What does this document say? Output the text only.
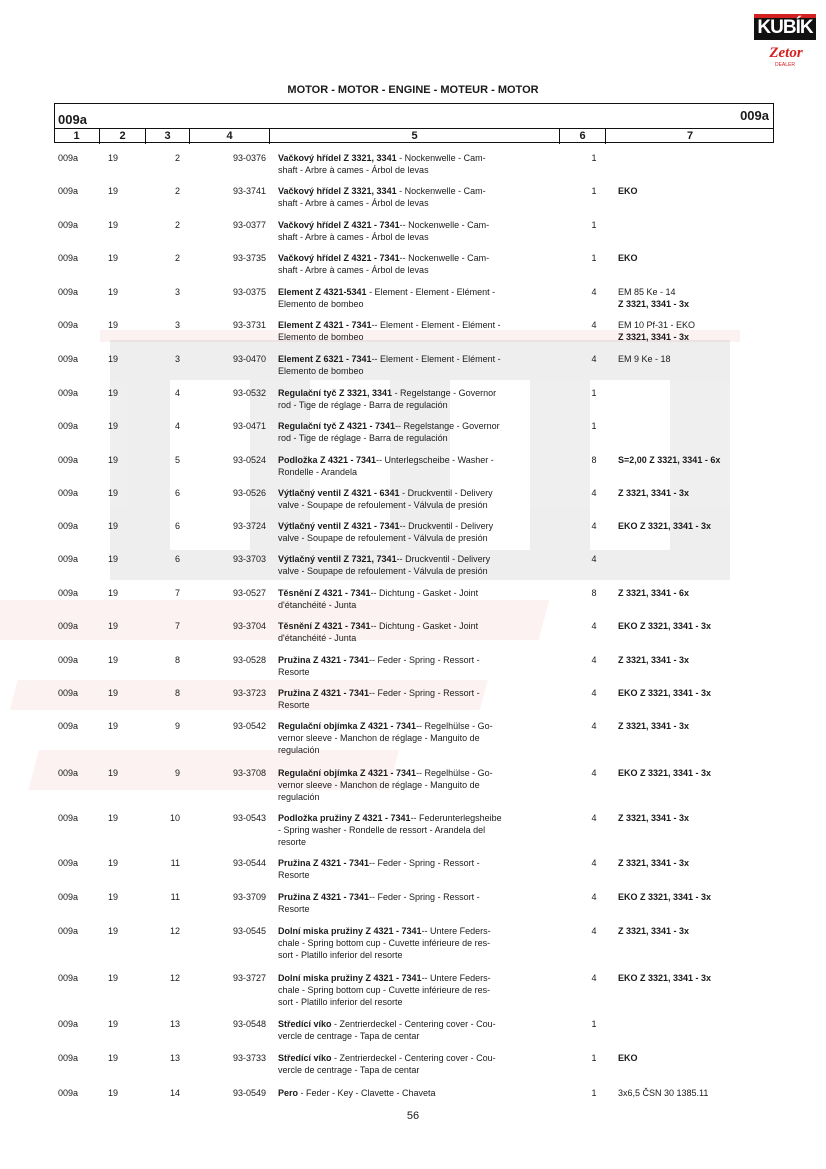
KUBÍK
Zetor
DEALER
MOTOR - MOTOR - ENGINE - MOTEUR - MOTOR
009a	009a
1	2	3	4	5	6	7
009a	19	2	93-0376 Vačkový hřídel Z 3321, 3341 - Nockenwelle - Cam-
shaft - Arbre à cames - Árbol de levas
1
009a	19	2	93-3741 Vačkový hřídel Z 3321, 3341 - Nockenwelle - Cam-
shaft - Arbre à cames - Árbol de levas
1	EKO
009a	19	2	93-0377 Vačkový hřídel Z 4321 - 7341-- Nockenwelle - Cam-
shaft - Arbre à cames - Árbol de levas
1
009a	19	2	93-3735 Vačkový hřídel Z 4321 - 7341-- Nockenwelle - Cam-
shaft - Arbre à cames - Árbol de levas
1	EKO
009a	19	3	93-0375 Element Z 4321-5341 - Element - Element - Elément -
Elemento de bombeo
4	EM 85 Ke - 14
Z 3321, 3341 - 3x
009a	19	3	93-3731 Element Z 4321 - 7341-- Element - Element - Elément -
Elemento de bombeo
4	EM 10 Pf-31 - EKO
Z 3321, 3341 - 3x
009a	19	3	93-0470 Element Z 6321 - 7341-- Element - Element - Elément -
Elemento de bombeo
4	EM 9 Ke - 18
009a	19	4	93-0532 Regulační tyč Z 3321, 3341 - Regelstange - Governor
rod - Tige de réglage - Barra de regulación
1
009a	19	4	93-0471 Regulační tyč Z 4321 - 7341-- Regelstange - Governor
rod - Tige de réglage - Barra de regulación
1
009a	19	5	93-0524 Podložka Z 4321 - 7341-- Unterlegscheibe - Washer -
Rondelle - Arandela
8	S=2,00 Z 3321, 3341 - 6x
009a	19	6	93-0526 Výtlačný ventil Z 4321 - 6341 - Druckventil - Delivery
valve - Soupape de refoulement - Válvula de presión
4	Z 3321, 3341 - 3x
009a	19	6	93-3724 Výtlačný ventil Z 4321 - 7341-- Druckventil - Delivery
valve - Soupape de refoulement - Válvula de presión
4	EKO Z 3321, 3341 - 3x
009a	19	6	93-3703 Výtlačný ventil Z 7321, 7341-- Druckventil - Delivery
valve - Soupape de refoulement - Válvula de presión
4
009a	19	7	93-0527 Těsnění Z 4321 - 7341-- Dichtung - Gasket - Joint
d'étanchéité - Junta
8	Z 3321, 3341 - 6x
009a	19	7	93-3704 Těsnění Z 4321 - 7341-- Dichtung - Gasket - Joint
d'étanchéité - Junta
4	EKO Z 3321, 3341 - 3x
009a	19	8	93-0528 Pružina Z 4321 - 7341-- Feder - Spring - Ressort -
Resorte
4	Z 3321, 3341 - 3x
009a	19	8	93-3723 Pružina Z 4321 - 7341-- Feder - Spring - Ressort -
Resorte
4	EKO Z 3321, 3341 - 3x
009a	19	9	93-0542 Regulační objímka Z 4321 - 7341-- Regelhülse - Go-
vernor sleeve - Manchon de réglage - Manguito de
regulación
4	Z 3321, 3341 - 3x
009a	19	9	93-3708 Regulační objímka Z 4321 - 7341-- Regelhülse - Go-
vernor sleeve - Manchon de réglage - Manguito de
regulación
4	EKO Z 3321, 3341 - 3x
009a	19	10	93-0543 Podložka pružiny Z 4321 - 7341-- Federunterlegsheibe
- Spring washer - Rondelle de ressort - Arandela del
resorte
4	Z 3321, 3341 - 3x
009a	19	11	93-0544 Pružina Z 4321 - 7341-- Feder - Spring - Ressort -
Resorte
4	Z 3321, 3341 - 3x
009a	19	11	93-3709 Pružina Z 4321 - 7341-- Feder - Spring - Ressort -
Resorte
4	EKO Z 3321, 3341 - 3x
009a	19	12	93-0545 Dolní miska pružiny Z 4321 - 7341-- Untere Feders-
chale - Spring bottom cup - Cuvette inférieure de res-
sort - Platillo inferior del resorte
4	Z 3321, 3341 - 3x
009a	19	12	93-3727 Dolní miska pružiny Z 4321 - 7341-- Untere Feders-
chale - Spring bottom cup - Cuvette inférieure de res-
sort - Platillo inferior del resorte
4	EKO Z 3321, 3341 - 3x
009a	19	13	93-0548 Středící víko - Zentrierdeckel - Centering cover - Cou-
vercle de centrage - Tapa de centar
1
009a	19	13	93-3733 Středící víko - Zentrierdeckel - Centering cover - Cou-
vercle de centrage - Tapa de centar
1	EKO
009a	19	14	93-0549 Pero - Feder - Key - Clavette - Chaveta	1	3x6,5 ČSN 30 1385.11
56
